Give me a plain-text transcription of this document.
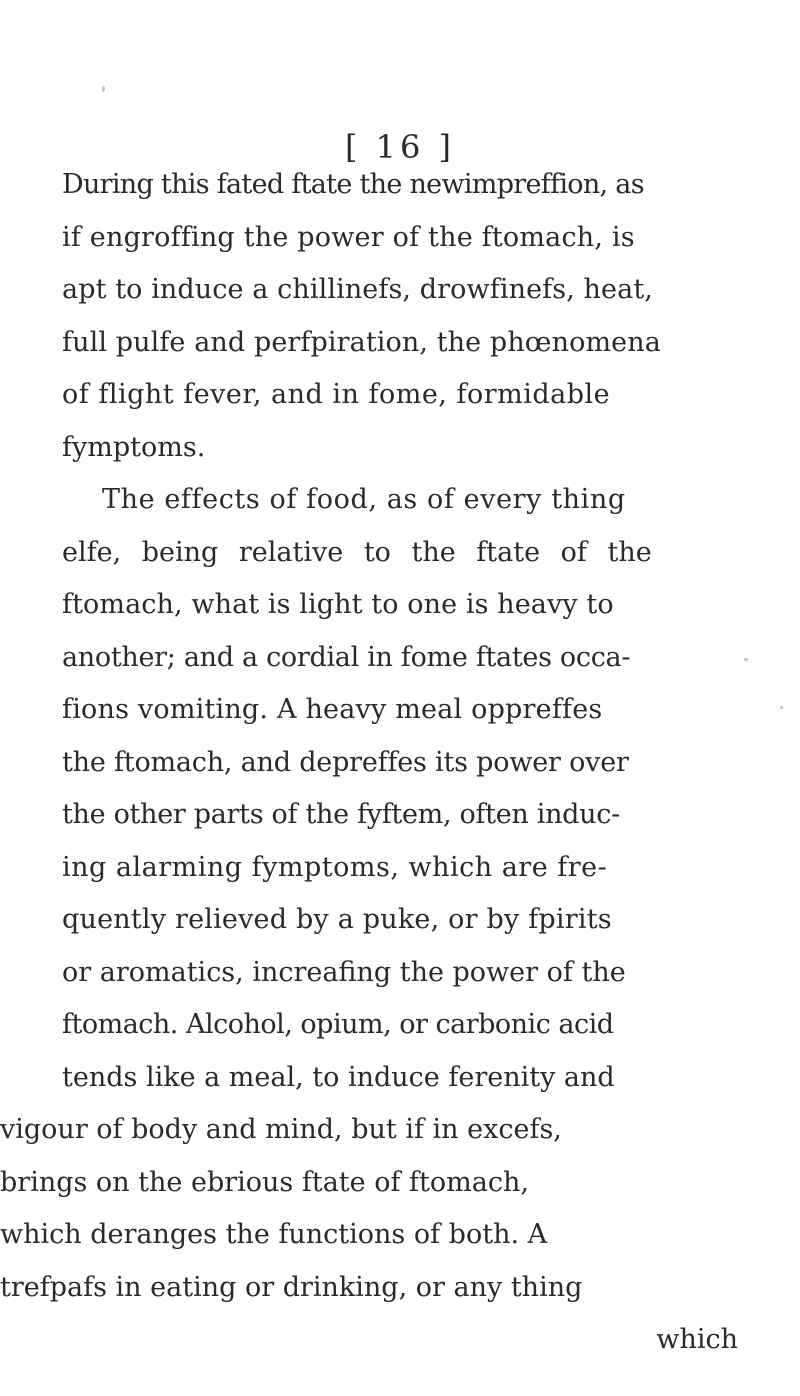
[ 16 ]
During this fated ftate the newimpreffion, as
if engroffing the power of the ftomach, is
apt to induce a chillinefs, drowfinefs, heat,
full pulfe and perfpiration, the phœnomena
of flight fever, and in fome, formidable
fymptoms.
The effects of food, as of every thing
elfe, being relative to the ftate of the
ftomach, what is light to one is heavy to
another; and a cordial in fome ftates occa-
fions vomiting. A heavy meal oppreffes
the ftomach, and depreffes its power over
the other parts of the fyftem, often induc-
ing alarming fymptoms, which are fre-
quently relieved by a puke, or by fpirits
or aromatics, increafing the power of the
ftomach. Alcohol, opium, or carbonic acid
tends like a meal, to induce ferenity and
vigour of body and mind, but if in excefs,
brings on the ebrious ftate of ftomach,
which deranges the functions of both. A
trefpafs in eating or drinking, or any thing
which
